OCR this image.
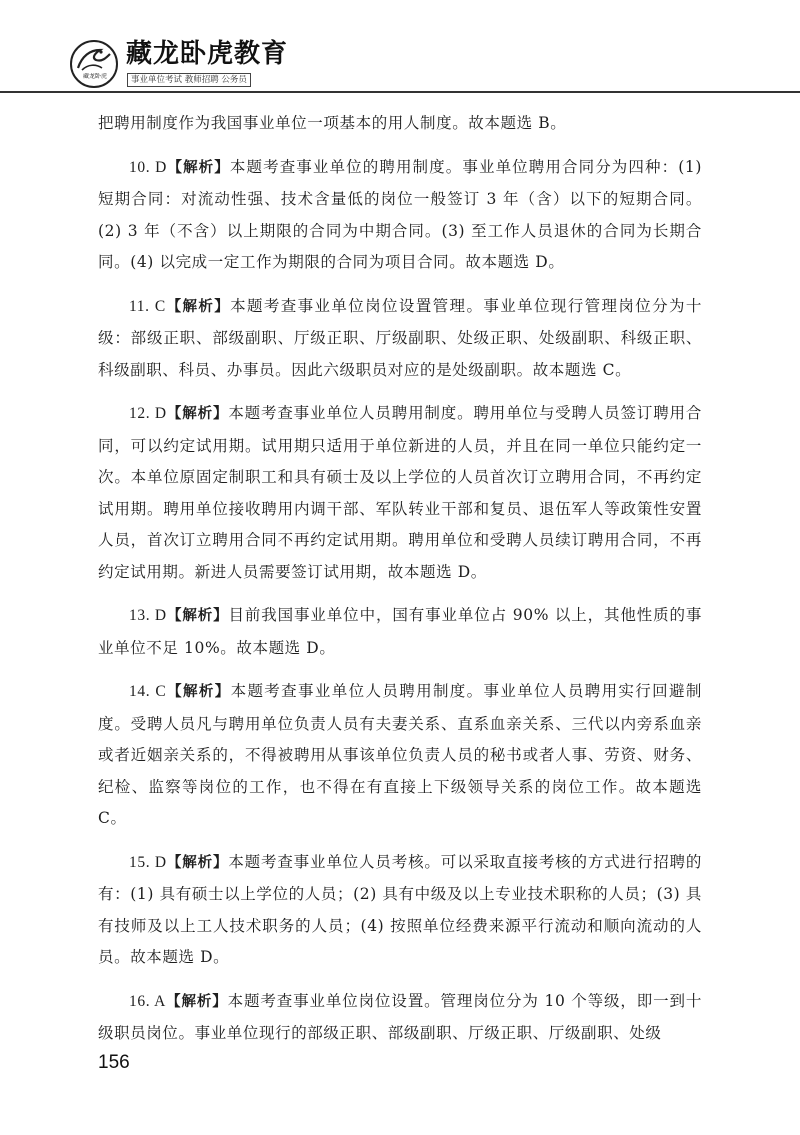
藏龙卧虎
藏龙卧虎教育
事业单位考试 教师招聘 公务员

把聘用制度作为我国事业单位一项基本的用人制度。故本题选 B。

10. D【解析】本题考查事业单位的聘用制度。事业单位聘用合同分为四种：(1) 短期合同：对流动性强、技术含量低的岗位一般签订 3 年（含）以下的短期合同。(2) 3 年（不含）以上期限的合同为中期合同。(3) 至工作人员退休的合同为长期合同。(4) 以完成一定工作为期限的合同为项目合同。故本题选 D。

11. C【解析】本题考查事业单位岗位设置管理。事业单位现行管理岗位分为十级：部级正职、部级副职、厅级正职、厅级副职、处级正职、处级副职、科级正职、科级副职、科员、办事员。因此六级职员对应的是处级副职。故本题选 C。

12. D【解析】本题考查事业单位人员聘用制度。聘用单位与受聘人员签订聘用合同，可以约定试用期。试用期只适用于单位新进的人员，并且在同一单位只能约定一次。本单位原固定制职工和具有硕士及以上学位的人员首次订立聘用合同，不再约定试用期。聘用单位接收聘用内调干部、军队转业干部和复员、退伍军人等政策性安置人员，首次订立聘用合同不再约定试用期。聘用单位和受聘人员续订聘用合同，不再约定试用期。新进人员需要签订试用期，故本题选 D。

13. D【解析】目前我国事业单位中，国有事业单位占 90% 以上，其他性质的事业单位不足 10%。故本题选 D。

14. C【解析】本题考查事业单位人员聘用制度。事业单位人员聘用实行回避制度。受聘人员凡与聘用单位负责人员有夫妻关系、直系血亲关系、三代以内旁系血亲或者近姻亲关系的，不得被聘用从事该单位负责人员的秘书或者人事、劳资、财务、纪检、监察等岗位的工作，也不得在有直接上下级领导关系的岗位工作。故本题选 C。

15. D【解析】本题考查事业单位人员考核。可以采取直接考核的方式进行招聘的有：(1) 具有硕士以上学位的人员；(2) 具有中级及以上专业技术职称的人员；(3) 具有技师及以上工人技术职务的人员；(4) 按照单位经费来源平行流动和顺向流动的人员。故本题选 D。

16. A【解析】本题考查事业单位岗位设置。管理岗位分为 10 个等级，即一到十级职员岗位。事业单位现行的部级正职、部级副职、厅级正职、厅级副职、处级

156
